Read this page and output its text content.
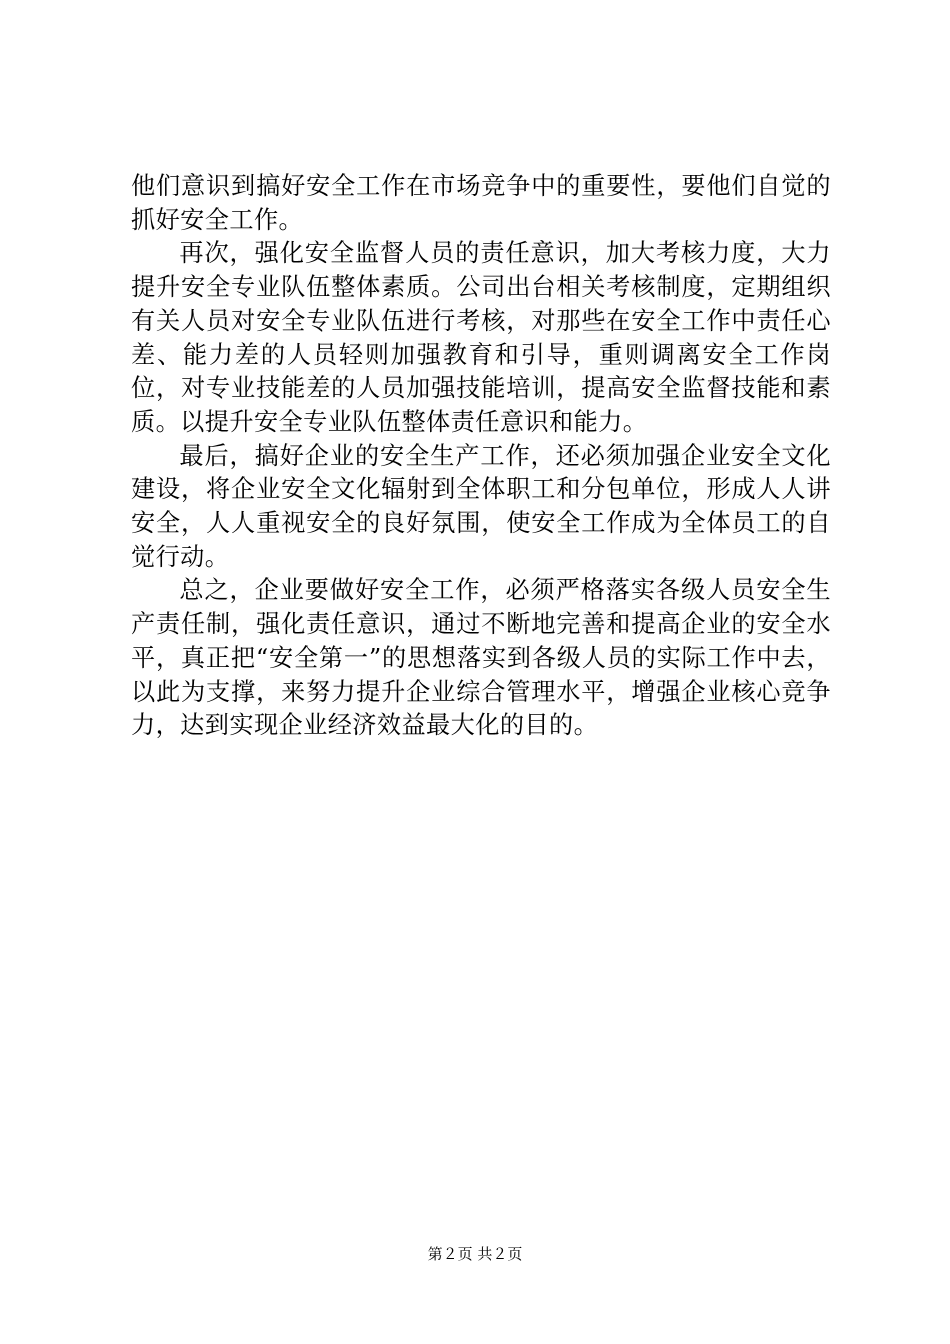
他们意识到搞好安全工作在市场竞争中的重要性，要他们自觉的抓好安全工作。

再次，强化安全监督人员的责任意识，加大考核力度，大力提升安全专业队伍整体素质。公司出台相关考核制度，定期组织有关人员对安全专业队伍进行考核，对那些在安全工作中责任心差、能力差的人员轻则加强教育和引导，重则调离安全工作岗位，对专业技能差的人员加强技能培训，提高安全监督技能和素质。以提升安全专业队伍整体责任意识和能力。

最后，搞好企业的安全生产工作，还必须加强企业安全文化建设，将企业安全文化辐射到全体职工和分包单位，形成人人讲安全，人人重视安全的良好氛围，使安全工作成为全体员工的自觉行动。

总之，企业要做好安全工作，必须严格落实各级人员安全生产责任制，强化责任意识，通过不断地完善和提高企业的安全水平，真正把“安全第一”的思想落实到各级人员的实际工作中去，以此为支撑，来努力提升企业综合管理水平，增强企业核心竞争力，达到实现企业经济效益最大化的目的。

第２页 共２页
